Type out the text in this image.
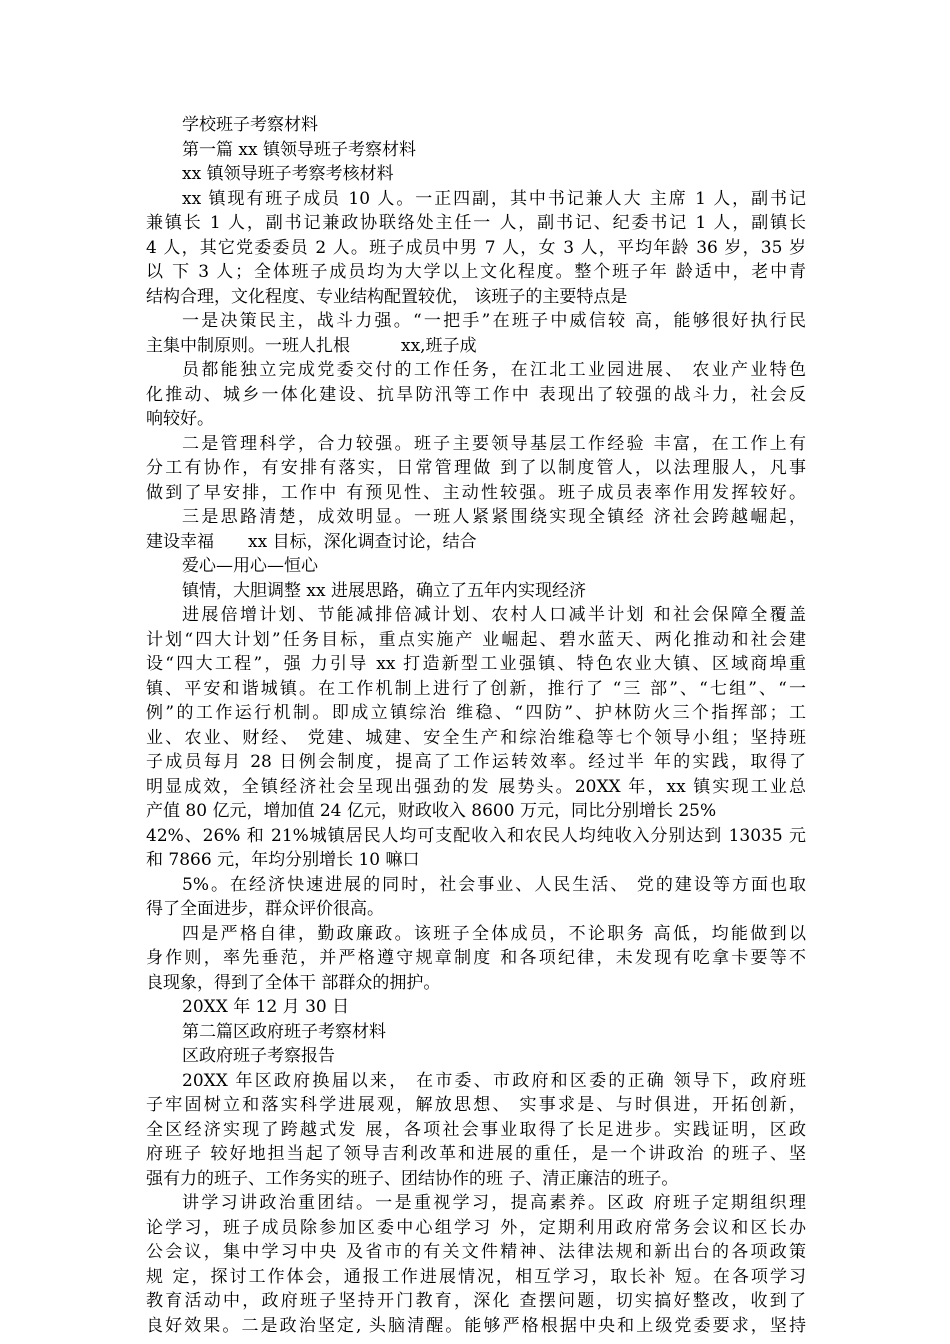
学校班子考察材料
第一篇 xx 镇领导班子考察材料
xx 镇领导班子考察考核材料
xx 镇现有班子成员 10 人。一正四副，其中书记兼人大 主席 1 人，副书记
兼镇长 1 人，副书记兼政协联络处主任一 人，副书记、纪委书记 1 人，副镇长
4 人，其它党委委员 2 人。班子成员中男 7 人，女 3 人，平均年龄 36 岁，35 岁
以 下 3 人；全体班子成员均为大学以上文化程度。整个班子年 龄适中，老中青
结构合理，文化程度、专业结构配置较优， 该班子的主要特点是
一是决策民主，战斗力强。“一把手”在班子中威信较 高，能够很好执行民
主集中制原则。一班人扎根　　　xx,班子成
员都能独立完成党委交付的工作任务，在江北工业园进展、 农业产业特色
化推动、城乡一体化建设、抗旱防汛等工作中 表现出了较强的战斗力，社会反
响较好。
二是管理科学，合力较强。班子主要领导基层工作经验 丰富，在工作上有
分工有协作，有安排有落实，日常管理做 到了以制度管人，以法理服人，凡事
做到了早安排，工作中 有预见性、主动性较强。班子成员表率作用发挥较好。
三是思路清楚，成效明显。一班人紧紧围绕实现全镇经 济社会跨越崛起，
建设幸福　　xx 目标，深化调查讨论，结合
爱心—用心—恒心
镇情，大胆调整 xx 进展思路，确立了五年内实现经济
进展倍增计划、节能减排倍减计划、农村人口减半计划 和社会保障全覆盖
计划“四大计划”任务目标，重点实施产 业崛起、碧水蓝天、两化推动和社会建
设“四大工程”，强 力引导 xx 打造新型工业强镇、特色农业大镇、区域商埠重
镇、平安和谐城镇。在工作机制上进行了创新，推行了 “三 部”、“七组”、“一
例”的工作运行机制。即成立镇综治 维稳、“四防”、护林防火三个指挥部；工
业、农业、财经、 党建、城建、安全生产和综治维稳等七个领导小组；坚持班
子成员每月 28 日例会制度，提高了工作运转效率。经过半 年的实践，取得了
明显成效，全镇经济社会呈现出强劲的发 展势头。20XX 年，xx 镇实现工业总
产值 80 亿元，增加值 24 亿元，财政收入 8600 万元，同比分别增长 25%
42%、26% 和 21%城镇居民人均可支配收入和农民人均纯收入分别达到 13035 元
和 7866 元，年均分别增长 10 嘛口
5%。在经济快速进展的同时，社会事业、人民生活、 党的建设等方面也取
得了全面进步，群众评价很高。
四是严格自律，勤政廉政。该班子全体成员，不论职务 高低，均能做到以
身作则，率先垂范，并严格遵守规章制度 和各项纪律，未发现有吃拿卡要等不
良现象，得到了全体干 部群众的拥护。
20XX 年 12 月 30 日
第二篇区政府班子考察材料
区政府班子考察报告
20XX 年区政府换届以来， 在市委、市政府和区委的正确 领导下，政府班
子牢固树立和落实科学进展观，解放思想、 实事求是、与时俱进，开拓创新，
全区经济实现了跨越式发 展，各项社会事业取得了长足进步。实践证明，区政
府班子 较好地担当起了领导吉利改革和进展的重任，是一个讲政治 的班子、坚
强有力的班子、工作务实的班子、团结协作的班 子、清正廉洁的班子。
讲学习讲政治重团结。一是重视学习，提高素养。区政 府班子定期组织理
论学习，班子成员除参加区委中心组学习 外，定期利用政府常务会议和区长办
公会议，集中学习中央 及省市的有关文件精神、法律法规和新出台的各项政策
规 定，探讨工作体会，通报工作进展情况，相互学习，取长补 短。在各项学习
教育活动中，政府班子坚持开门教育，深化 查摆问题，切实搞好整改，收到了
良好效果。二是政治坚定, 头脑清醒。能够严格根据中央和上级党委要求，坚持
